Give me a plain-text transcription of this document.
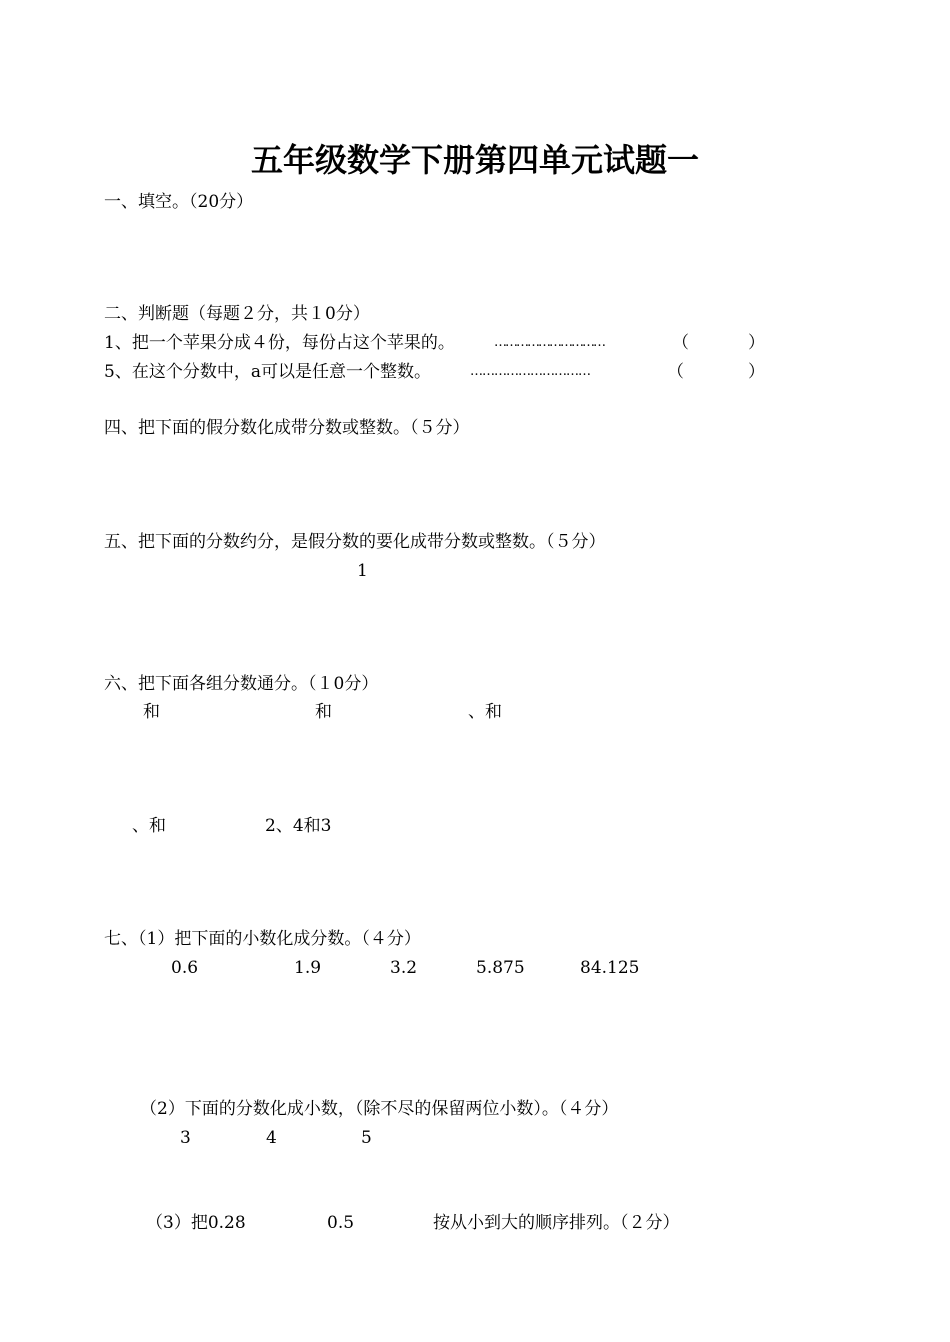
五年级数学下册第四单元试题一
一、填空。（20分）
二、判断题（每题２分，共１0分）
1、把一个苹果分成４份，每份占这个苹果的。	…………………………	（	）
5、在这个分数中，a可以是任意一个整数。	…………………………	（	）
四、把下面的假分数化成带分数或整数。（５分）
五、把下面的分数约分，是假分数的要化成带分数或整数。（５分）
1
六、把下面各组分数通分。（１0分）
和	和	、和
、和	2、4和3
七、（1）把下面的小数化成分数。（４分）
0.6	1.9	3.2	5.875	84.125
（2）下面的分数化成小数，（除不尽的保留两位小数）。（４分）
3	4	5
（3）把0.28	0.5	按从小到大的顺序排列。（２分）
